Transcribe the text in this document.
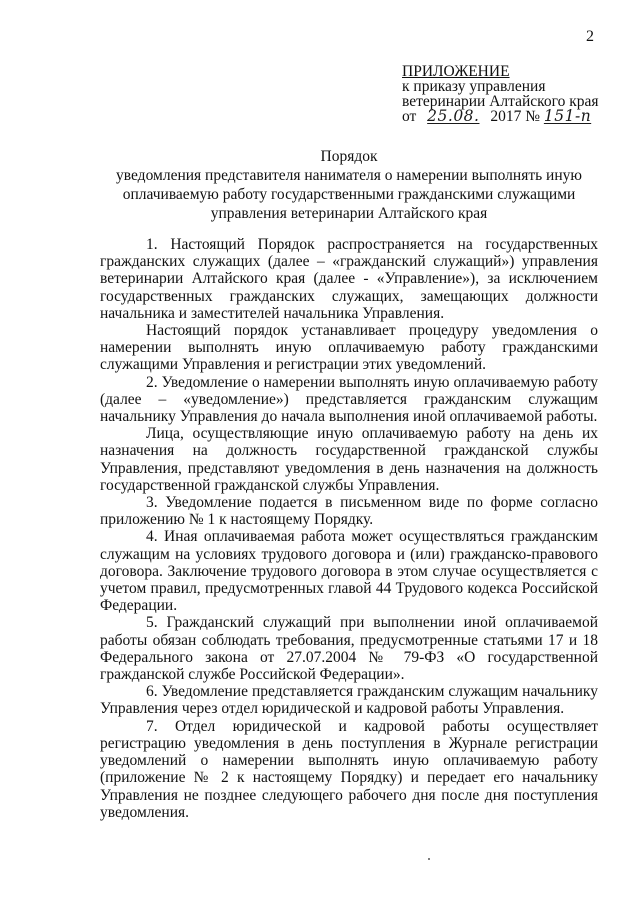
2
ПРИЛОЖЕНИЕ
к приказу управления
ветеринарии Алтайского края
от 25.08. 2017 № 151-п
Порядок
уведомления представителя нанимателя о намерении выполнять иную
оплачиваемую работу государственными гражданскими служащими
управления ветеринарии Алтайского края

1. Настоящий Порядок распространяется на государственных гражданских служащих (далее – «гражданский служащий») управления ветеринарии Алтайского края (далее - «Управление»), за исключением государственных гражданских служащих, замещающих должности начальника и заместителей начальника Управления.

Настоящий порядок устанавливает процедуру уведомления о намерении выполнять иную оплачиваемую работу гражданскими служащими Управления и регистрации этих уведомлений.

2. Уведомление о намерении выполнять иную оплачиваемую работу (далее – «уведомление») представляется гражданским служащим начальнику Управления до начала выполнения иной оплачиваемой работы.

Лица, осуществляющие иную оплачиваемую работу на день их назначения на должность государственной гражданской службы Управления, представляют уведомления в день назначения на должность государственной гражданской службы Управления.

3. Уведомление подается в письменном виде по форме согласно приложению № 1 к настоящему Порядку.

4. Иная оплачиваемая работа может осуществляться гражданским служащим на условиях трудового договора и (или) гражданско-правового договора. Заключение трудового договора в этом случае осуществляется с учетом правил, предусмотренных главой 44 Трудового кодекса Российской Федерации.

5. Гражданский служащий при выполнении иной оплачиваемой работы обязан соблюдать требования, предусмотренные статьями 17 и 18 Федерального закона от 27.07.2004 № 79-ФЗ «О государственной гражданской службе Российской Федерации».

6. Уведомление представляется гражданским служащим начальнику Управления через отдел юридической и кадровой работы Управления.

7. Отдел юридической и кадровой работы осуществляет регистрацию уведомления в день поступления в Журнале регистрации уведомлений о намерении выполнять иную оплачиваемую работу (приложение № 2 к настоящему Порядку) и передает его начальнику Управления не позднее следующего рабочего дня после дня поступления уведомления.
